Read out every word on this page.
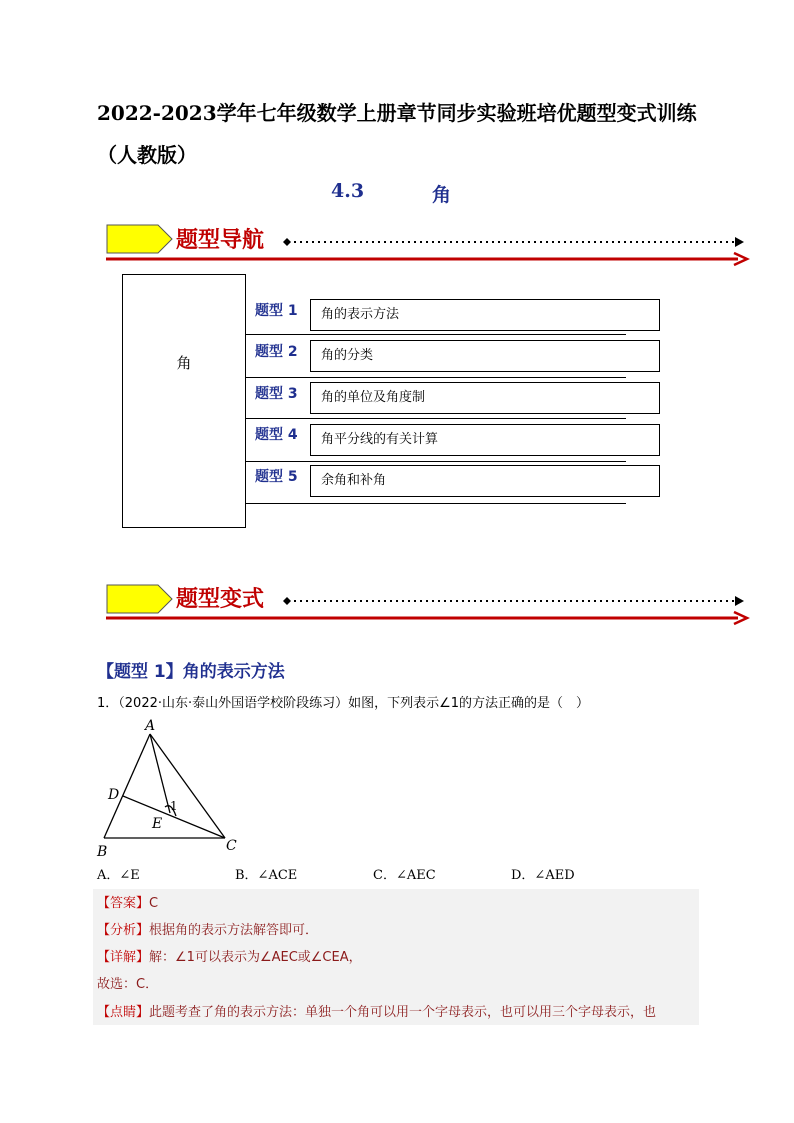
2022-2023学年七年级数学上册章节同步实验班培优题型变式训练（人教版）
4.3	角
题型导航
角
题型 1	角的表示方法
题型 2	角的分类
题型 3	角的单位及角度制
题型 4	角平分线的有关计算
题型 5	余角和补角
题型变式
【题型 1】角的表示方法
1．（2022·山东·泰山外国语学校阶段练习）如图，下列表示∠1的方法正确的是（　）
A
B	C
D
E
1
A．∠E	B．∠ACE	C．∠AEC	D．∠AED
【答案】C
【分析】根据角的表示方法解答即可．
【详解】解：∠1可以表示为∠AEC或∠CEA，
故选：C．
【点睛】此题考查了角的表示方法：单独一个角可以用一个字母表示，也可以用三个字母表示，也
